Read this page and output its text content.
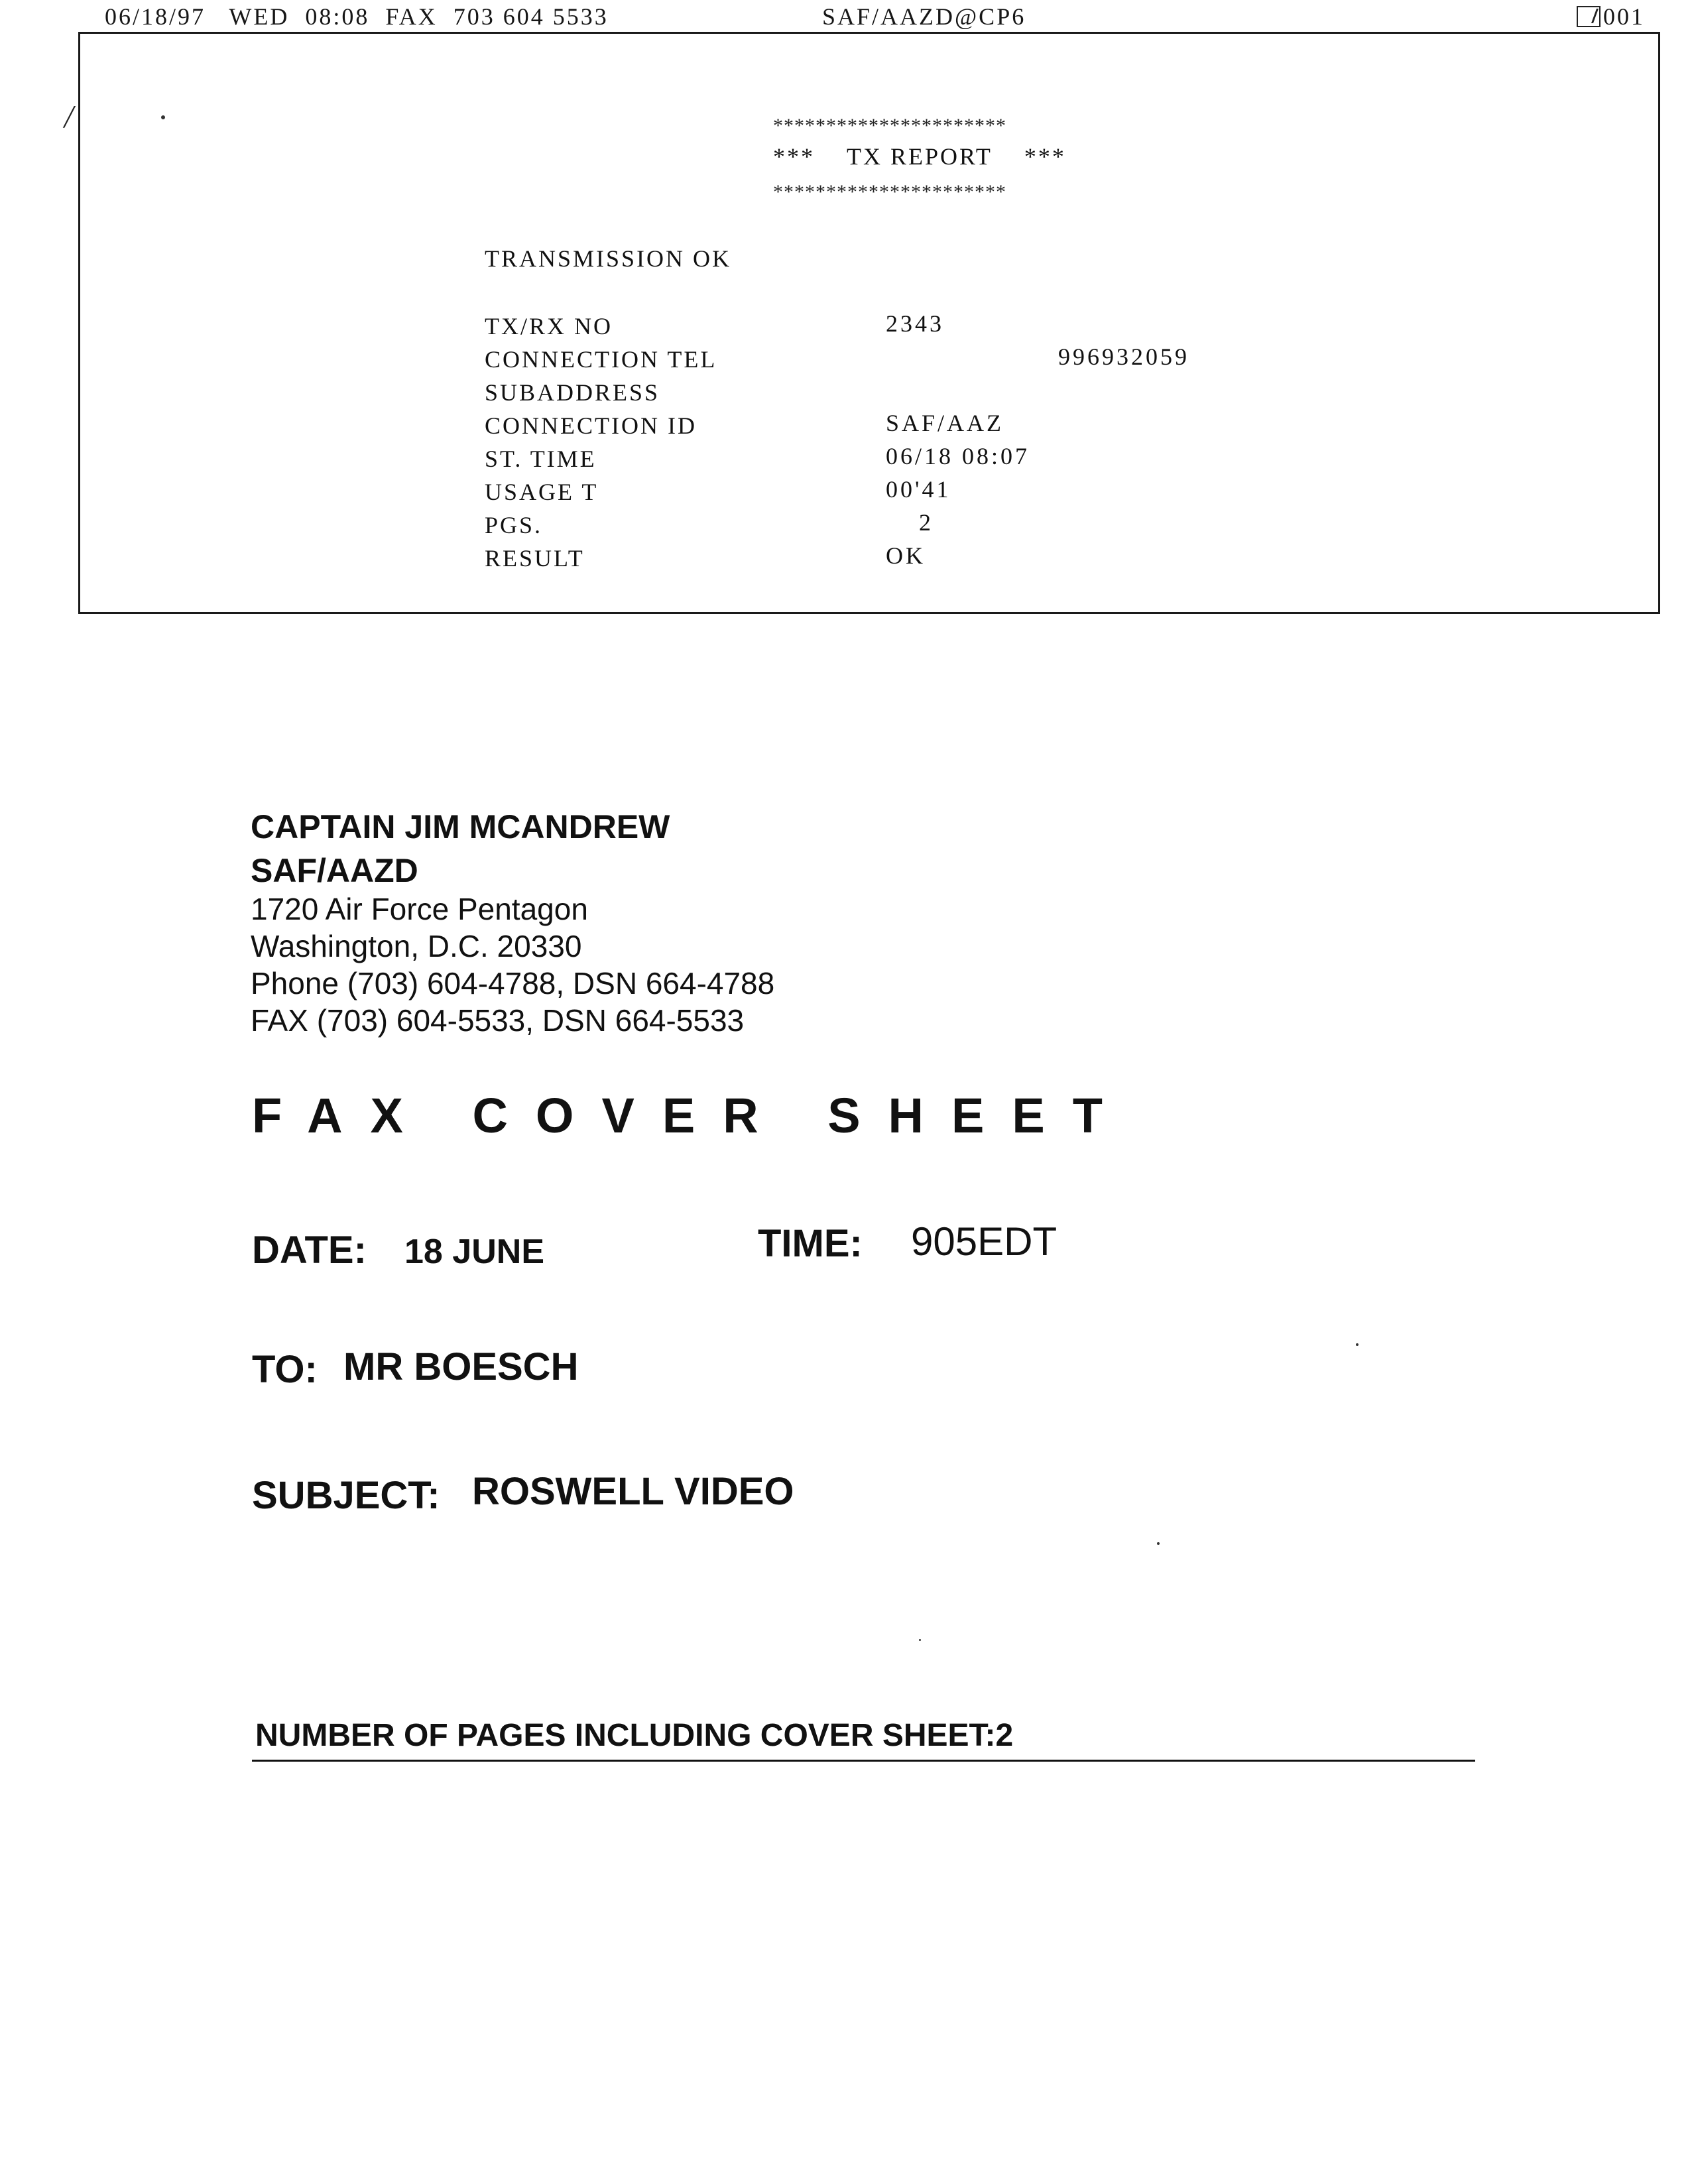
06/18/97 WED 08:08 FAX 703 604 5533	SAF/AAZD@CP6	001
╱	**********************
*** TX REPORT ***
**********************
TRANSMISSION OK
TX/RX NO	2343
CONNECTION TEL	996932059
SUBADDRESS
CONNECTION ID	SAF/AAZ
ST. TIME	06/18 08:07
USAGE T	00'41
PGS.	2
RESULT	OK
CAPTAIN JIM MCANDREW
SAF/AAZD
1720 Air Force Pentagon
Washington, D.C. 20330
Phone (703) 604-4788, DSN 664-4788
FAX (703) 604-5533, DSN 664-5533
FAX COVER SHEET
DATE: 18 JUNE	TIME: 905EDT
TO: MR BOESCH
SUBJECT: ROSWELL VIDEO
NUMBER OF PAGES INCLUDING COVER SHEET:2
